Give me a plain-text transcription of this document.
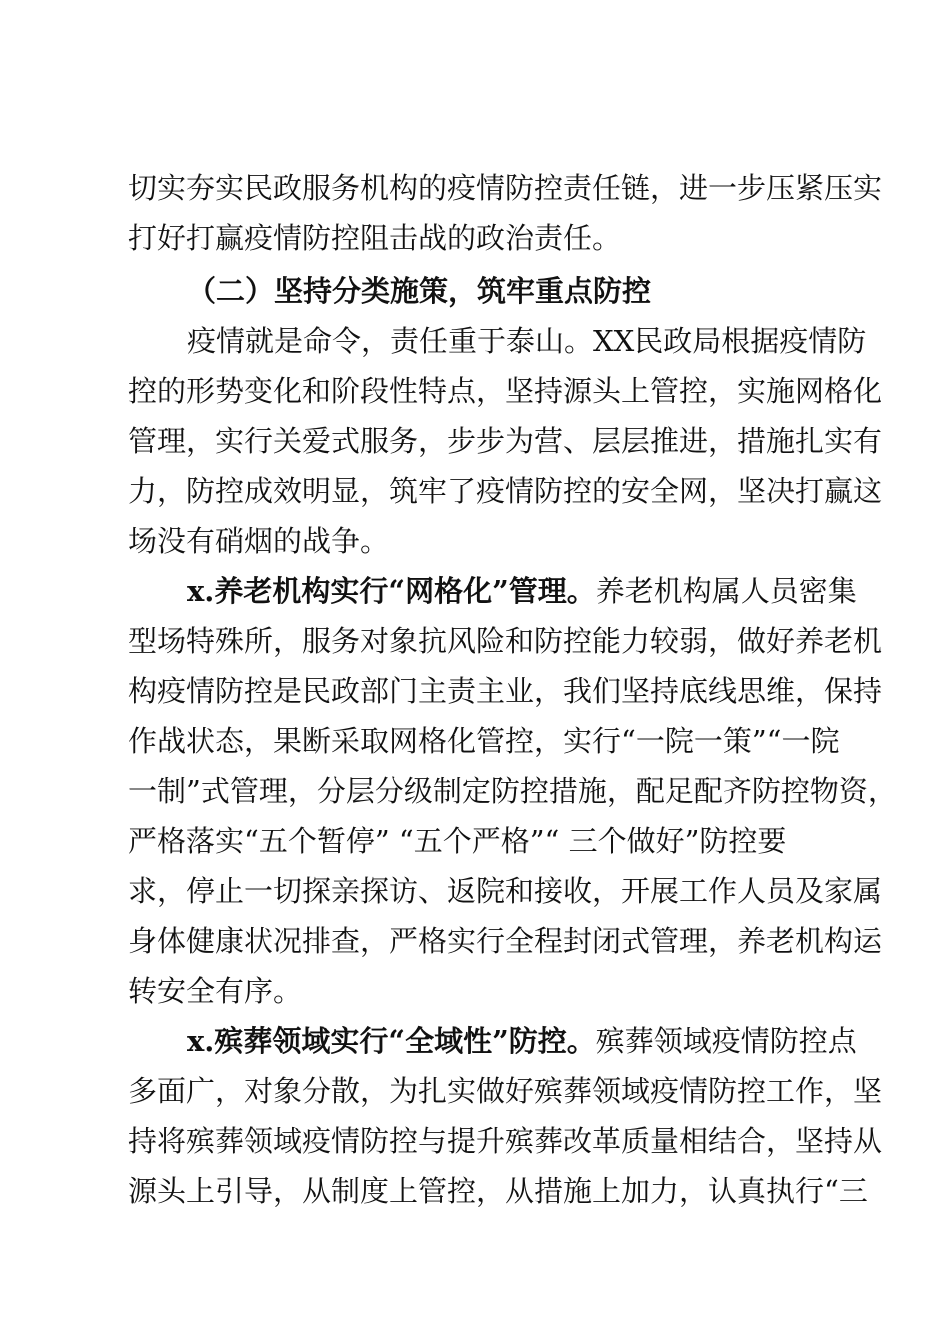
切实夯实民政服务机构的疫情防控责任链，进一步压紧压实
打好打赢疫情防控阻击战的政治责任。
（二）坚持分类施策，筑牢重点防控
疫情就是命令，责任重于泰山。XX民政局根据疫情防
控的形势变化和阶段性特点，坚持源头上管控，实施网格化
管理，实行关爱式服务，步步为营、层层推进，措施扎实有
力，防控成效明显，筑牢了疫情防控的安全网，坚决打赢这
场没有硝烟的战争。
x.养老机构实行“网格化”管理。养老机构属人员密集
型场特殊所，服务对象抗风险和防控能力较弱，做好养老机
构疫情防控是民政部门主责主业，我们坚持底线思维，保持
作战状态，果断采取网格化管控，实行“一院一策”“一院
一制”式管理，分层分级制定防控措施，配足配齐防控物资，
严格落实“五个暂停” “五个严格”“ 三个做好”防控要
求，停止一切探亲探访、返院和接收，开展工作人员及家属
身体健康状况排查，严格实行全程封闭式管理，养老机构运
转安全有序。
x.殡葬领域实行“全域性”防控。殡葬领域疫情防控点
多面广，对象分散，为扎实做好殡葬领域疫情防控工作，坚
持将殡葬领域疫情防控与提升殡葬改革质量相结合，坚持从
源头上引导，从制度上管控，从措施上加力，认真执行“三
